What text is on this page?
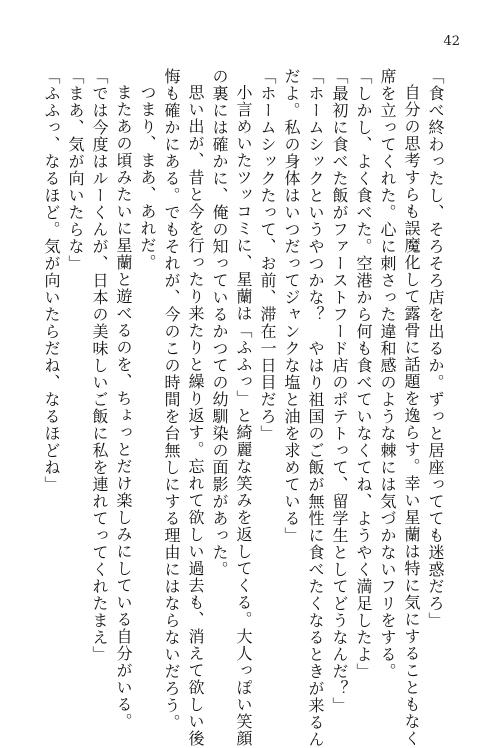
42
「食べ終わったし、そろそろ店を出るか。ずっと居座ってても迷惑だろ」
自分の思考すらも誤魔化して露骨に話題を逸らす。幸い星蘭は特に気にすることもなく
席を立ってくれた。心に刺さった違和感のような棘には気づかないフリをする。
「しかし、よく食べた。空港から何も食べていなくてね、ようやく満足したよ」
「最初に食べた飯がファーストフード店のポテトって、留学生としてどうなんだ？」
「ホームシックというやつかな？　やはり祖国のご飯が無性に食べたくなるときが来るん
だよ。私の身体はいつだってジャンクな塩と油を求めている」
「ホームシックたって、お前、滞在一日目だろ」
小言めいたツッコミに、星蘭は「ふふっ」と綺麗な笑みを返してくる。大人っぽい笑顔
の裏には確かに、俺の知っているかつての幼馴染の面影があった。
思い出が、昔と今を行ったり来たりと繰り返す。忘れて欲しい過去も、消えて欲しい後
悔も確かにある。でもそれが、今のこの時間を台無しにする理由にはならないだろう。
つまり、まあ、あれだ。
またあの頃みたいに星蘭と遊べるのを、ちょっとだけ楽しみにしている自分がいる。
「では今度はルーくんが、日本の美味しいご飯に私を連れてってくれたまえ」
「まあ、気が向いたらな」
「ふふっ、なるほど。気が向いたらだね、なるほどね」
